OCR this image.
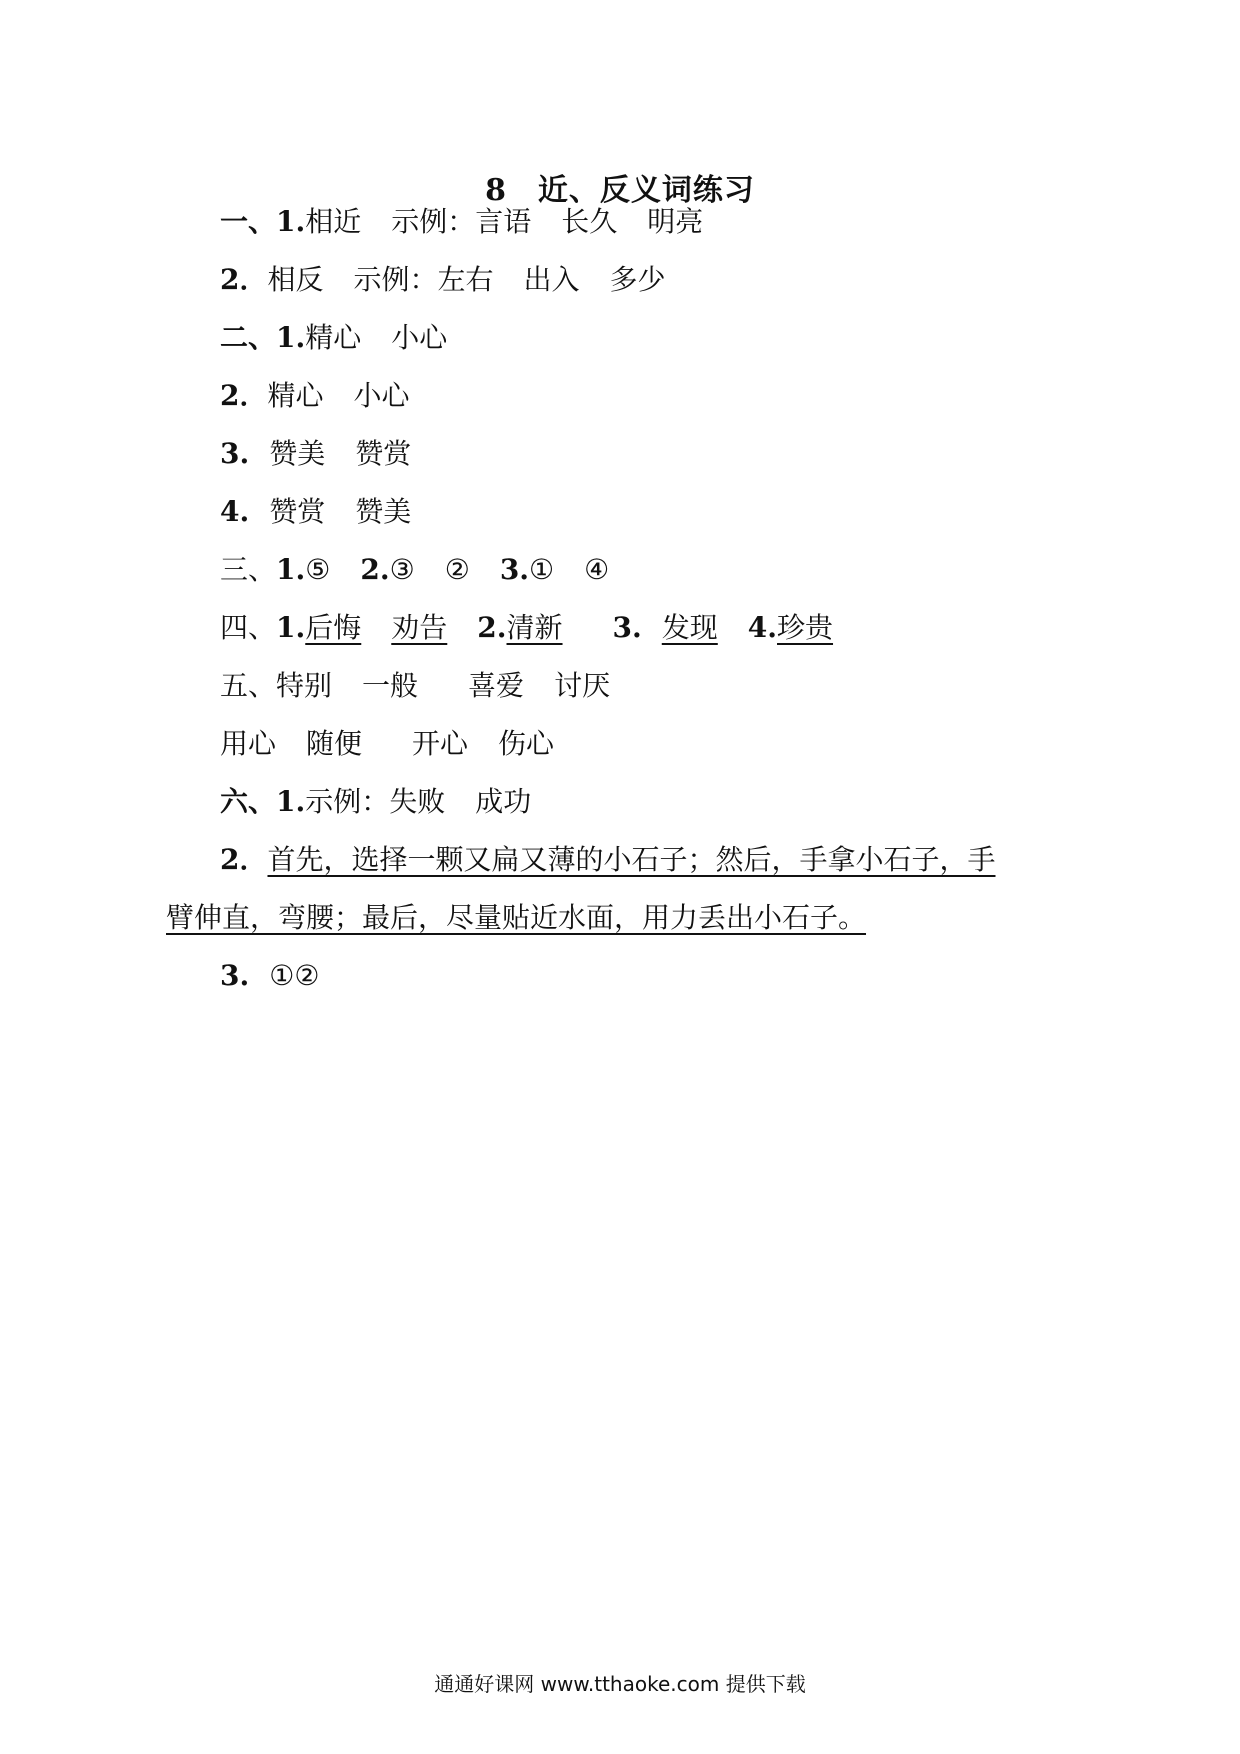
8　近、反义词练习
一、1.相近 示例：言语 长久 明亮
2．相反 示例：左右 出入 多少
二、1.精心 小心
2．精心 小心
3. 赞美 赞赏
4. 赞赏 赞美
三、1.⑤ 2.③ ② 3.① ④
四、1.后悔 劝告 2.清新 3. 发现 4.珍贵
五、特别 一般 喜爱 讨厌
用心 随便 开心 伤心
六、1.示例：失败 成功
2．首先，选择一颗又扁又薄的小石子；然后，手拿小石子，手
臂伸直，弯腰；最后，尽量贴近水面，用力丢出小石子。
3. ①②
通通好课网 www.tthaoke.com 提供下载
